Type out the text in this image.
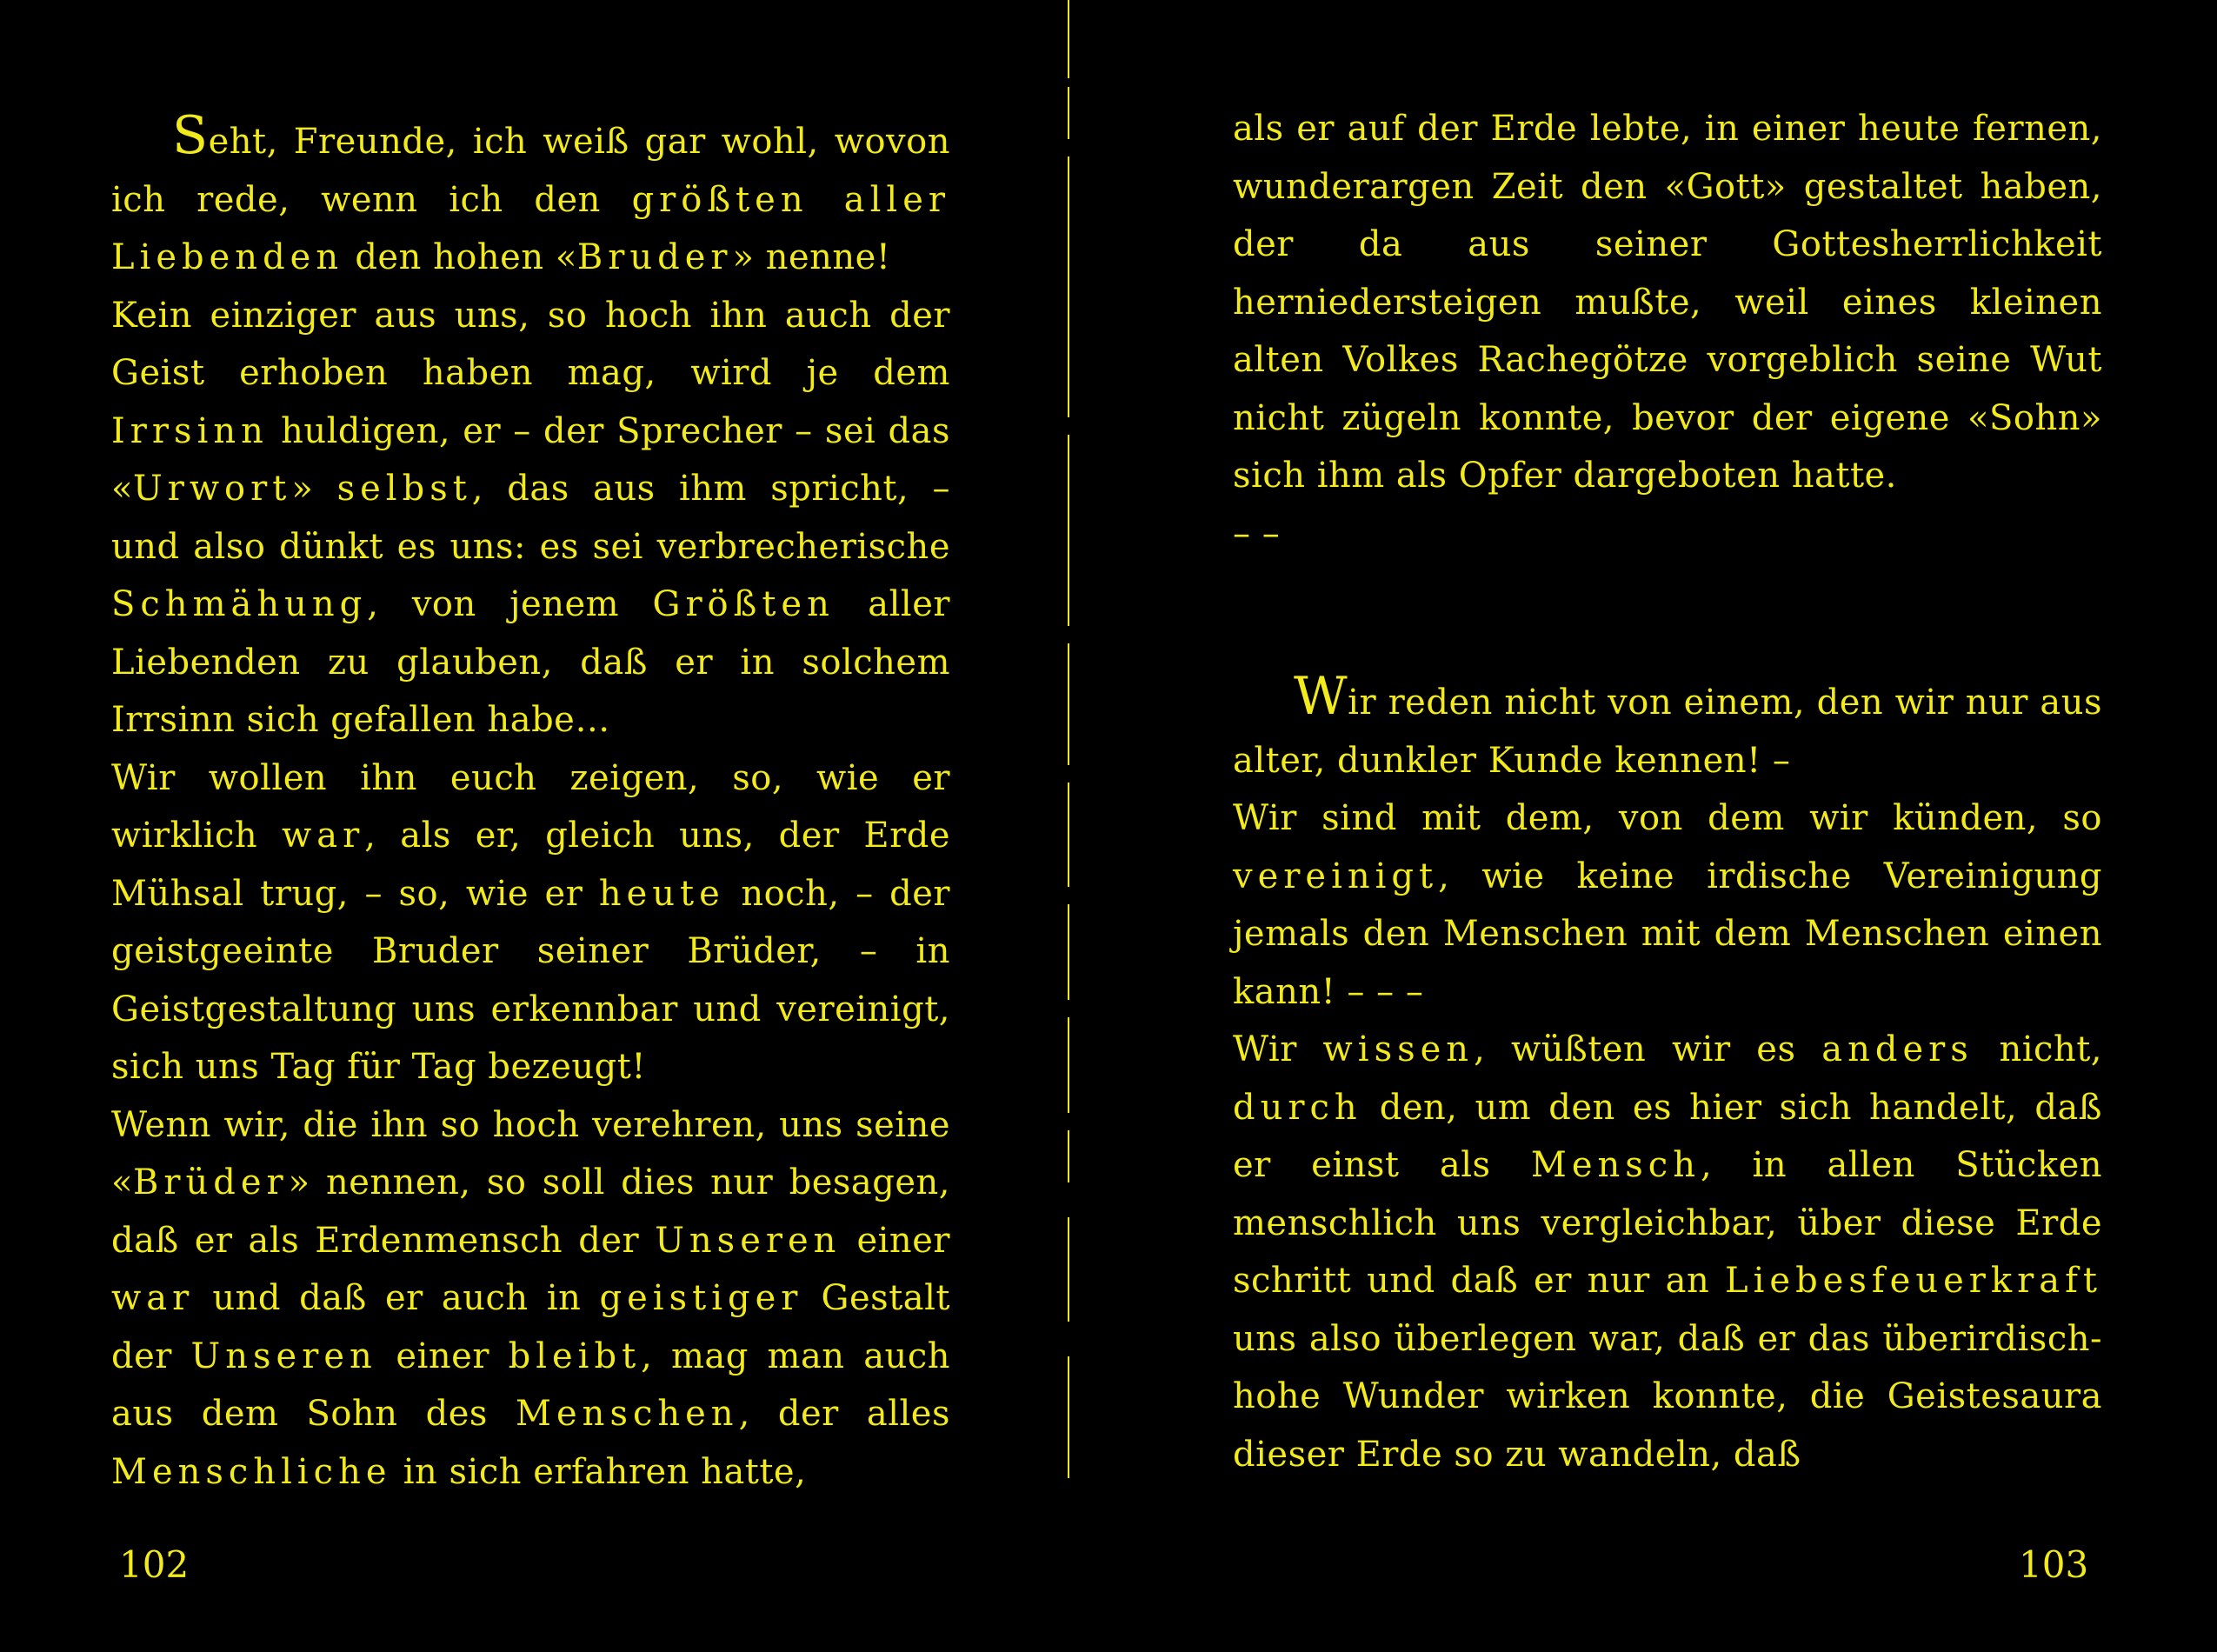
Seht, Freunde, ich weiß gar wohl, wovon ich rede, wenn ich den größten aller Liebenden den hohen «Bruder» nenne!

Kein einziger aus uns, so hoch ihn auch der Geist erhoben haben mag, wird je dem Irrsinn huldigen, er – der Sprecher – sei das «Urwort» selbst, das aus ihm spricht, – und also dünkt es uns: es sei verbrecherische Schmähung, von jenem Größten aller Liebenden zu glauben, daß er in solchem Irrsinn sich gefallen habe…

Wir wollen ihn euch zeigen, so, wie er wirklich war, als er, gleich uns, der Erde Mühsal trug, – so, wie er heute noch, – der geistgeeinte Bruder seiner Brüder, – in Geistgestaltung uns erkennbar und vereinigt, sich uns Tag für Tag bezeugt!

Wenn wir, die ihn so hoch verehren, uns seine «Brüder» nennen, so soll dies nur besagen, daß er als Erdenmensch der Unseren einer war und daß er auch in geistiger Gestalt der Unseren einer bleibt, mag man auch aus dem Sohn des Menschen, der alles Menschliche in sich erfahren hatte,

102

als er auf der Erde lebte, in einer heute fernen, wunderargen Zeit den «Gott» gestaltet haben, der da aus seiner Gottesherrlichkeit herniedersteigen mußte, weil eines kleinen alten Volkes Rachegötze vorgeblich seine Wut nicht zügeln konnte, bevor der eigene «Sohn» sich ihm als Opfer dargeboten hatte.

– –

Wir reden nicht von einem, den wir nur aus alter, dunkler Kunde kennen! –

Wir sind mit dem, von dem wir künden, so vereinigt, wie keine irdische Vereinigung jemals den Menschen mit dem Menschen einen kann! – – –

Wir wissen, wüßten wir es anders nicht, durch den, um den es hier sich handelt, daß er einst als Mensch, in allen Stücken menschlich uns vergleichbar, über diese Erde schritt und daß er nur an Liebesfeuerkraft uns also überlegen war, daß er das überirdisch-hohe Wunder wirken konnte, die Geistesaura dieser Erde so zu wandeln, daß

103
